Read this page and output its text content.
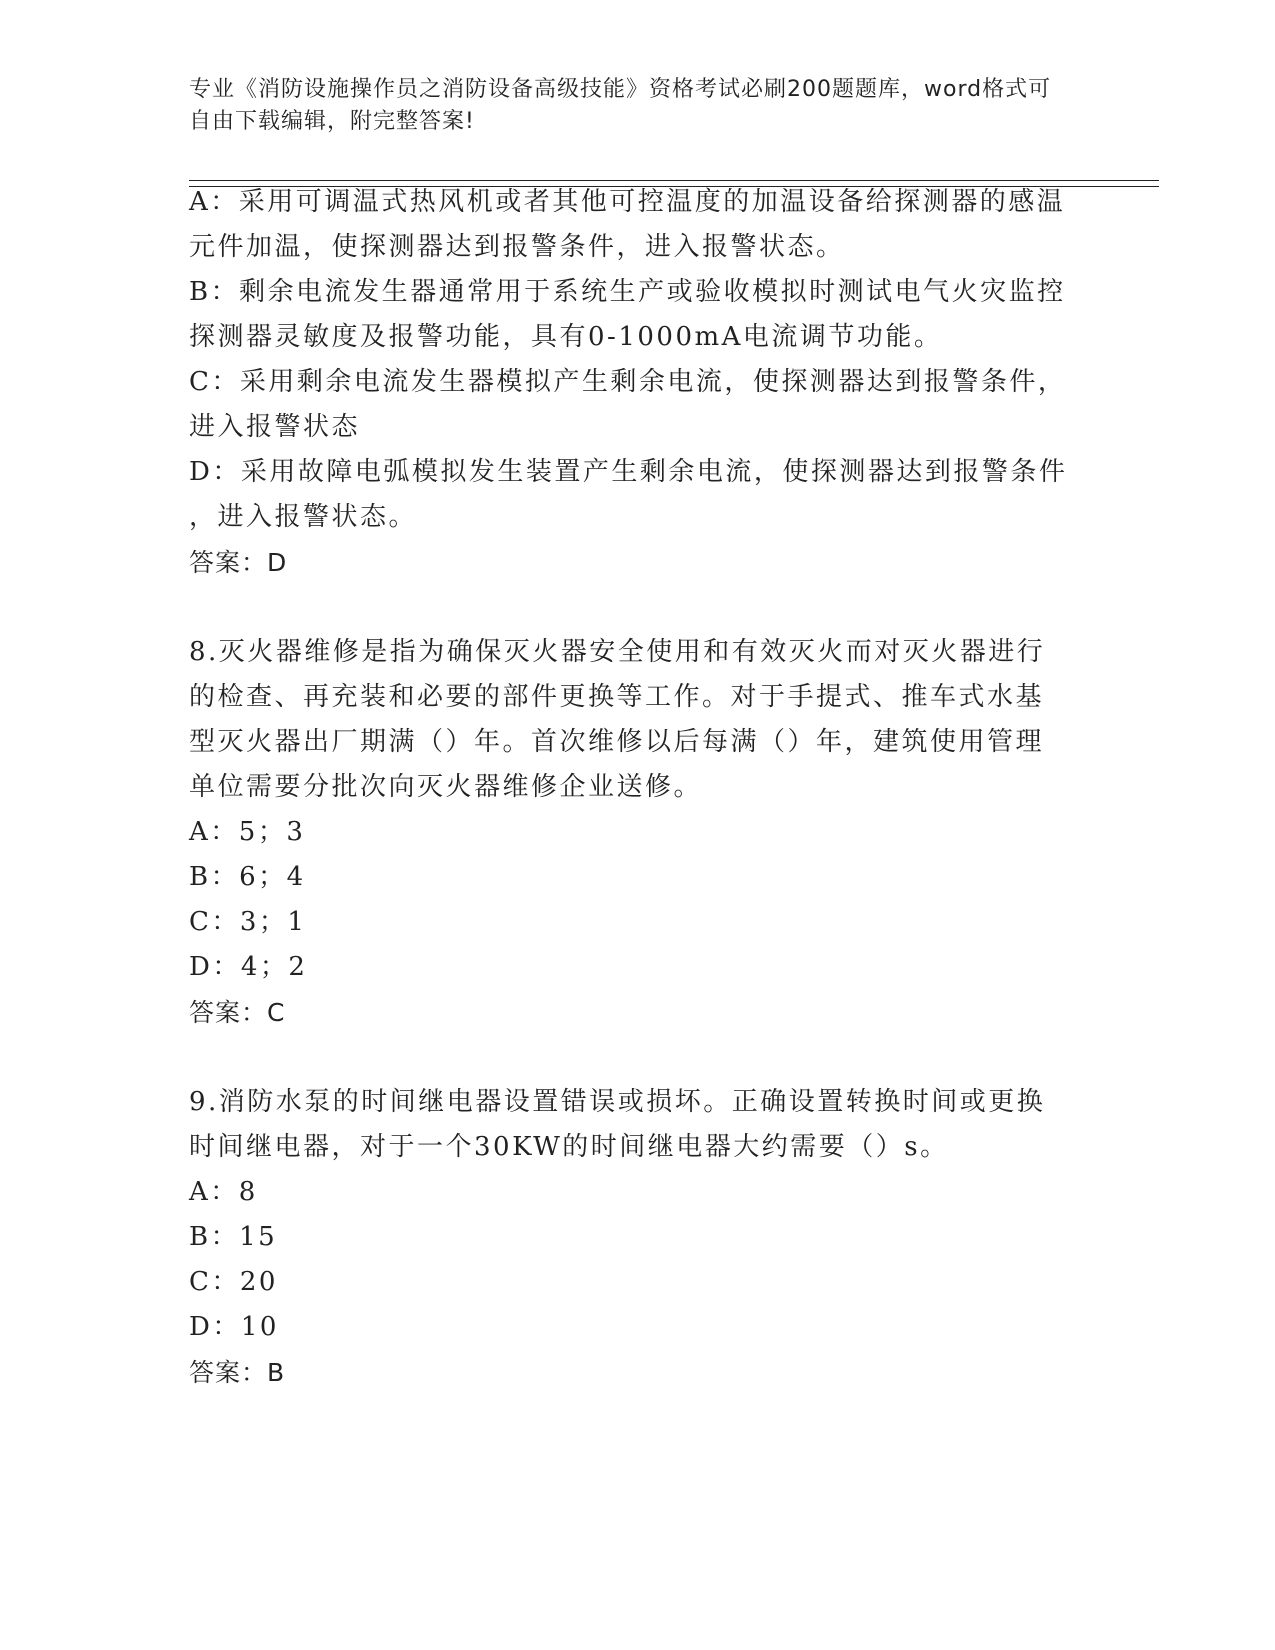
专业《消防设施操作员之消防设备高级技能》资格考试必刷200题题库，word格式可自由下载编辑，附完整答案!
A：采用可调温式热风机或者其他可控温度的加温设备给探测器的感温
元件加温，使探测器达到报警条件，进入报警状态。
B：剩余电流发生器通常用于系统生产或验收模拟时测试电气火灾监控
探测器灵敏度及报警功能，具有0-1000mA电流调节功能。
C：采用剩余电流发生器模拟产生剩余电流，使探测器达到报警条件，
进入报警状态
D：采用故障电弧模拟发生装置产生剩余电流，使探测器达到报警条件
，进入报警状态。
答案：D
8.灭火器维修是指为确保灭火器安全使用和有效灭火而对灭火器进行
的检查、再充装和必要的部件更换等工作。对于手提式、推车式水基
型灭火器出厂期满（）年。首次维修以后每满（）年，建筑使用管理
单位需要分批次向灭火器维修企业送修。
A：5；3
B：6；4
C：3；1
D：4；2
答案：C
9.消防水泵的时间继电器设置错误或损坏。正确设置转换时间或更换
时间继电器，对于一个30KW的时间继电器大约需要（）s。
A：8
B：15
C：20
D：10
答案：B
